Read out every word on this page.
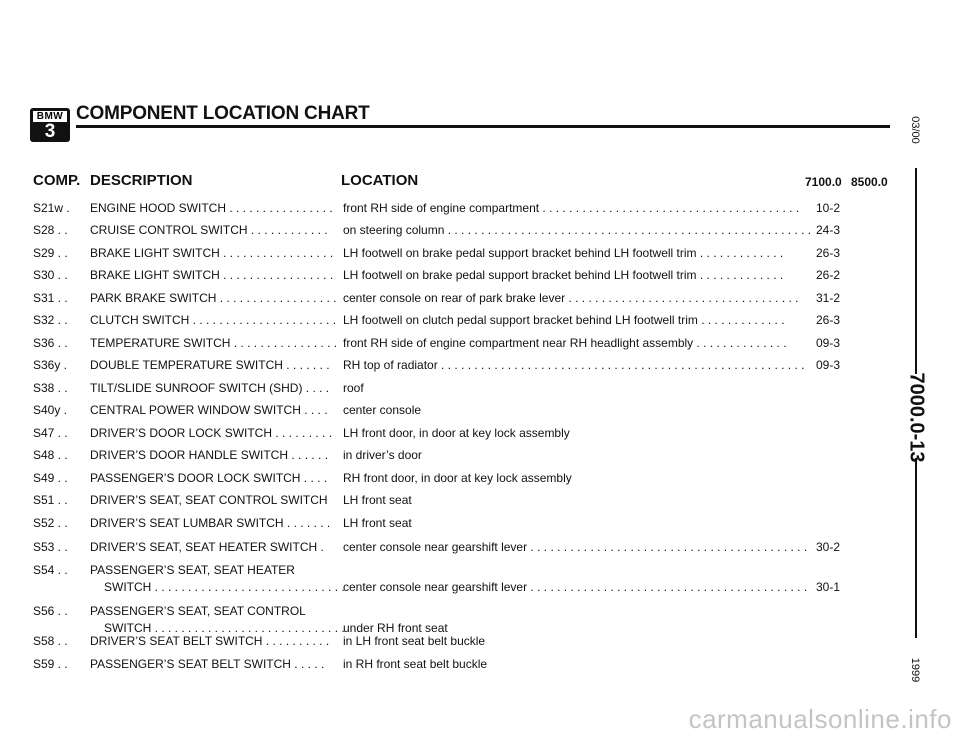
BMW
3
COMPONENT LOCATION CHART
COMP. DESCRIPTION	LOCATION	7100.0 8500.0
S21w . ENGINE HOOD SWITCH . . . . . . . . . . . . . . . . front RH side of engine compartment . . . . . . . . . . . . . . . . . . . . . . . . . . . . . . . . . . . . . . .	10-2
S28 . . CRUISE CONTROL SWITCH . . . . . . . . . . . . on steering column . . . . . . . . . . . . . . . . . . . . . . . . . . . . . . . . . . . . . . . . . . . . . . . . . . . . . . . 24-3
S29 . . BRAKE LIGHT SWITCH . . . . . . . . . . . . . . . . . LH footwell on brake pedal support bracket behind LH footwell trim . . . . . . . . . . . . .	26-3
S30 . . BRAKE LIGHT SWITCH . . . . . . . . . . . . . . . . . LH footwell on brake pedal support bracket behind LH footwell trim . . . . . . . . . . . . .	26-2
S31 . . PARK BRAKE SWITCH . . . . . . . . . . . . . . . . . . center console on rear of park brake lever . . . . . . . . . . . . . . . . . . . . . . . . . . . . . . . . . . .	31-2
S32 . . CLUTCH SWITCH . . . . . . . . . . . . . . . . . . . . . . LH footwell on clutch pedal support bracket behind LH footwell trim . . . . . . . . . . . . .	26-3
S36 . . TEMPERATURE SWITCH . . . . . . . . . . . . . . . . front RH side of engine compartment near RH headlight assembly . . . . . . . . . . . . . .	09-3
S36y . DOUBLE TEMPERATURE SWITCH . . . . . . . RH top of radiator . . . . . . . . . . . . . . . . . . . . . . . . . . . . . . . . . . . . . . . . . . . . . . . . . . . . . . . 09-3
S38 . . TILT/SLIDE SUNROOF SWITCH (SHD) . . . . roof
S40y . CENTRAL POWER WINDOW SWITCH . . . . center console
S47 . . DRIVER’S DOOR LOCK SWITCH . . . . . . . . . LH front door, in door at key lock assembly
S48 . . DRIVER’S DOOR HANDLE SWITCH . . . . . . in driver’s door
S49 . . PASSENGER’S DOOR LOCK SWITCH . . . . RH front door, in door at key lock assembly
S51 . . DRIVER’S SEAT, SEAT CONTROL SWITCH LH front seat
S52 . . DRIVER’S SEAT LUMBAR SWITCH . . . . . . . LH front seat
S53 . . DRIVER’S SEAT, SEAT HEATER SWITCH . center console near gearshift lever . . . . . . . . . . . . . . . . . . . . . . . . . . . . . . . . . . . . . . . . . . 30-2
S54 . . PASSENGER’S SEAT, SEAT HEATER
SWITCH . . . . . . . . . . . . . . . . . . . . . . . . . . . . .
center console near gearshift lever . . . . . . . . . . . . . . . . . . . . . . . . . . . . . . . . . . . . . . . . . . 30-1
S56 . . PASSENGER’S SEAT, SEAT CONTROL
SWITCH . . . . . . . . . . . . . . . . . . . . . . . . . . . . .
under RH front seat
S58 . . DRIVER’S SEAT BELT SWITCH . . . . . . . . . . in LH front seat belt buckle
S59 . . PASSENGER’S SEAT BELT SWITCH . . . . . in RH front seat belt buckle
03/00
7000.0-13
1999
carmanualsonline.info
